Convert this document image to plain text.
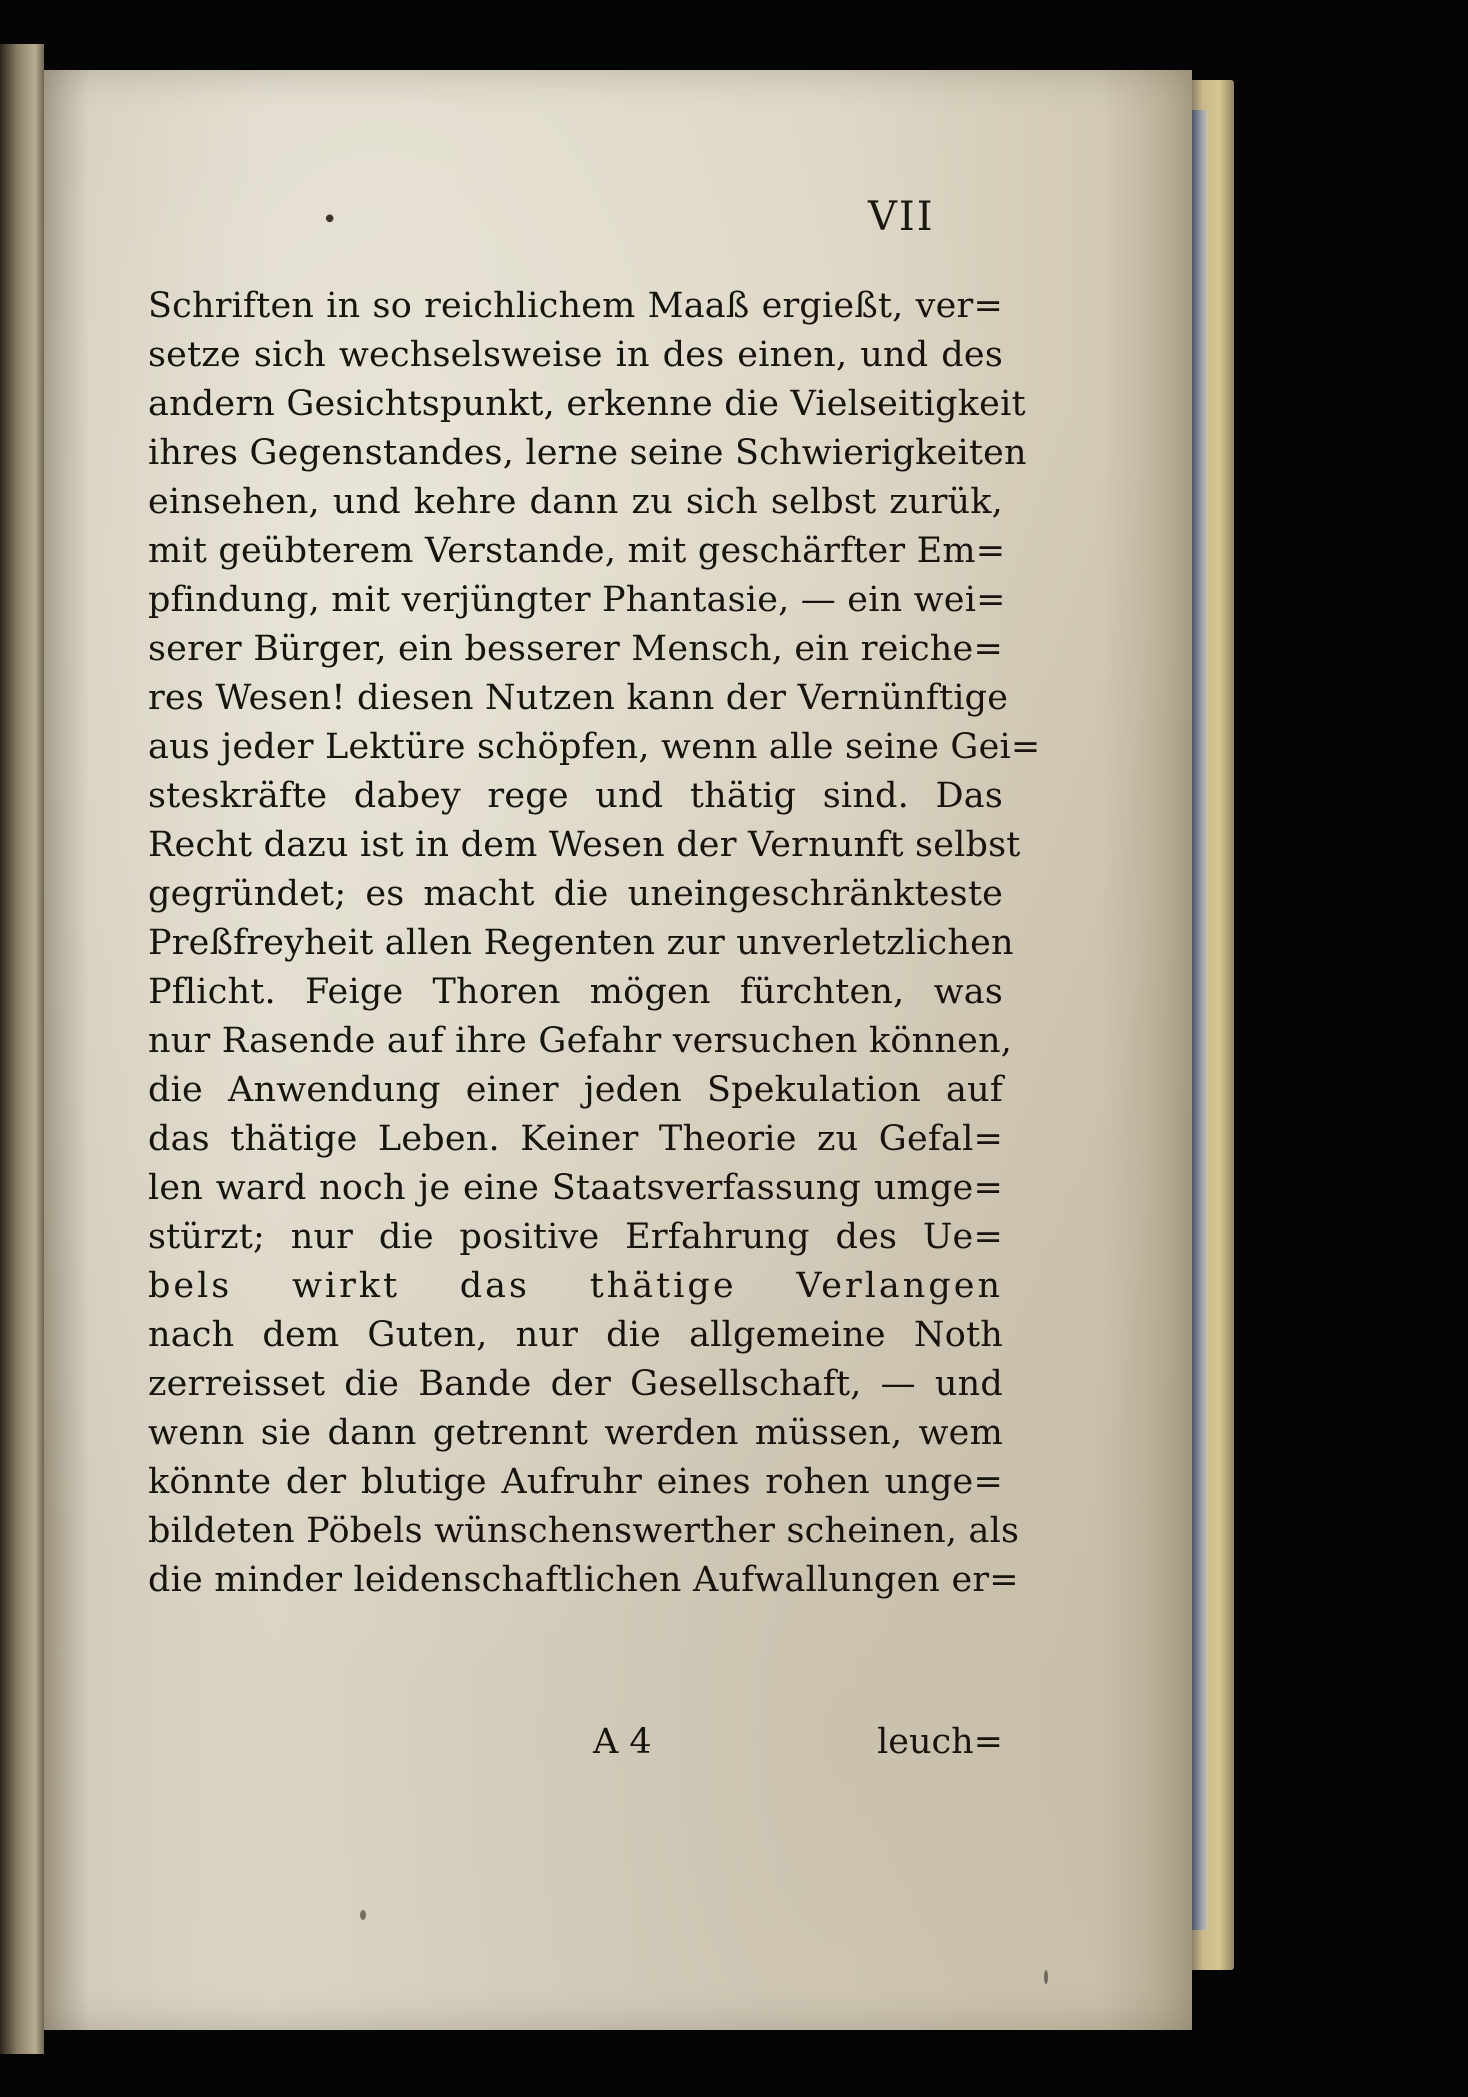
•	VII
Schriften in so reichlichem Maaß ergießt, ver=
setze sich wechselsweise in des einen, und des
andern Gesichtspunkt, erkenne die Vielseitigkeit
ihres Gegenstandes, lerne seine Schwierigkeiten
einsehen, und kehre dann zu sich selbst zurük,
mit geübterem Verstande, mit geschärfter Em=
pfindung, mit verjüngter Phantasie, — ein wei=
serer Bürger, ein besserer Mensch, ein reiche=
res Wesen! diesen Nutzen kann der Vernünftige
aus jeder Lektüre schöpfen, wenn alle seine Gei=
steskräfte dabey rege und thätig sind. Das
Recht dazu ist in dem Wesen der Vernunft selbst
gegründet; es macht die uneingeschränkteste
Preßfreyheit allen Regenten zur unverletzlichen
Pflicht. Feige Thoren mögen fürchten, was
nur Rasende auf ihre Gefahr versuchen können,
die Anwendung einer jeden Spekulation auf
das thätige Leben. Keiner Theorie zu Gefal=
len ward noch je eine Staatsverfassung umge=
stürzt; nur die positive Erfahrung des Ue=
bels wirkt das thätige Verlangen
nach dem Guten, nur die allgemeine Noth
zerreisset die Bande der Gesellschaft, — und
wenn sie dann getrennt werden müssen, wem
könnte der blutige Aufruhr eines rohen unge=
bildeten Pöbels wünschenswerther scheinen, als
die minder leidenschaftlichen Aufwallungen er=
A 4	leuch=
